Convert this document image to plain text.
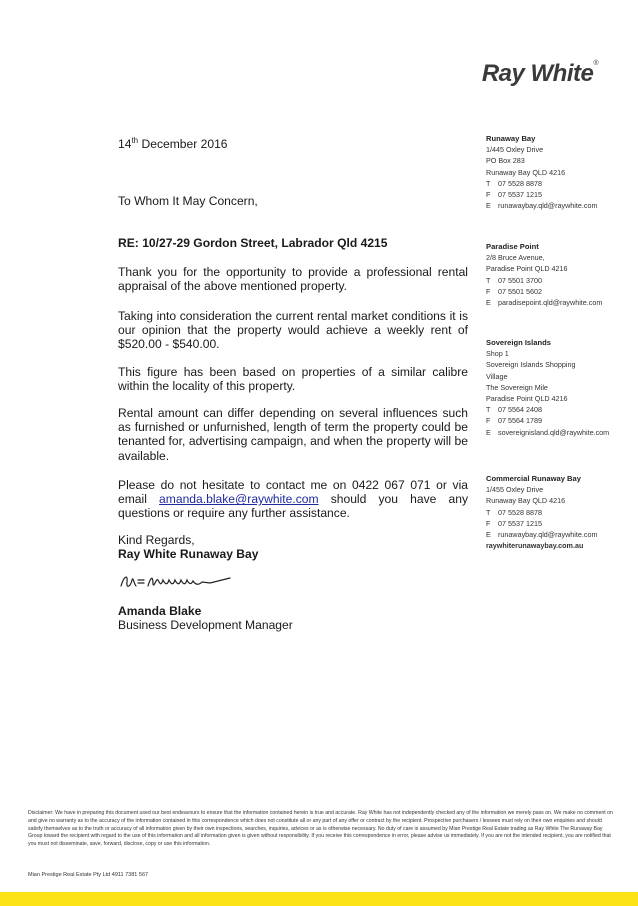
Ray White®
14th December 2016
To Whom It May Concern,
RE: 10/27-29 Gordon Street, Labrador Qld 4215
Thank you for the opportunity to provide a professional rental appraisal of the above mentioned property.
Taking into consideration the current rental market conditions it is our opinion that the property would achieve a weekly rent of $520.00 - $540.00.
This figure has been based on properties of a similar calibre within the locality of this property.
Rental amount can differ depending on several influences such as furnished or unfurnished, length of term the property could be tenanted for, advertising campaign, and when the property will be available.
Please do not hesitate to contact me on 0422 067 071 or via email amanda.blake@raywhite.com should you have any questions or require any further assistance.
Kind Regards,
Ray White Runaway Bay
Amanda Blake
Business Development Manager
Runaway Bay
1/445 Oxley Drive
PO Box 283
Runaway Bay QLD 4216
T 07 5528 8878
F 07 5537 1215
E runawaybay.qld@raywhite.com
Paradise Point
2/8 Bruce Avenue,
Paradise Point QLD 4216
T 07 5501 3700
F 07 5501 5602
E paradisepoint.qld@raywhite.com
Sovereign Islands
Shop 1
Sovereign Islands Shopping
Village
The Sovereign Mile
Paradise Point QLD 4216
T 07 5564 2408
F 07 5564 1789
E sovereignisland.qld@raywhite.com
Commercial Runaway Bay
1/455 Oxley Drive
Runaway Bay QLD 4216
T 07 5528 8878
F 07 5537 1215
E runawaybay.qld@raywhite.com
raywhiterunawaybay.com.au
Disclaimer: We have in preparing this document used our best endeavours to ensure that the information contained herein is true and accurate. Ray White has not independently checked any of the information we merely pass on. We make no comment on and give no warranty as to the accuracy of the information contained in this correspondence which does not constitute all or any part of any offer or contract by the recipient. Prospective purchasers / lessees must rely on their own enquiries and should satisfy themselves as to the truth or accuracy of all information given by their own inspections, searches, inquiries, advices or as is otherwise necessary. No duty of care is assumed by Mian Prestige Real Estate trading as Ray White The Runaway Bay Group toward the recipient with regard to the use of this information and all information given is given without responsibility. If you receive this correspondence in error, please advise us immediately. If you are not the intended recipient, you are notified that you must not disseminate, save, forward, disclose, copy or use this information.
Mian Prestige Real Estate Pty Ltd 4911 7381 567
